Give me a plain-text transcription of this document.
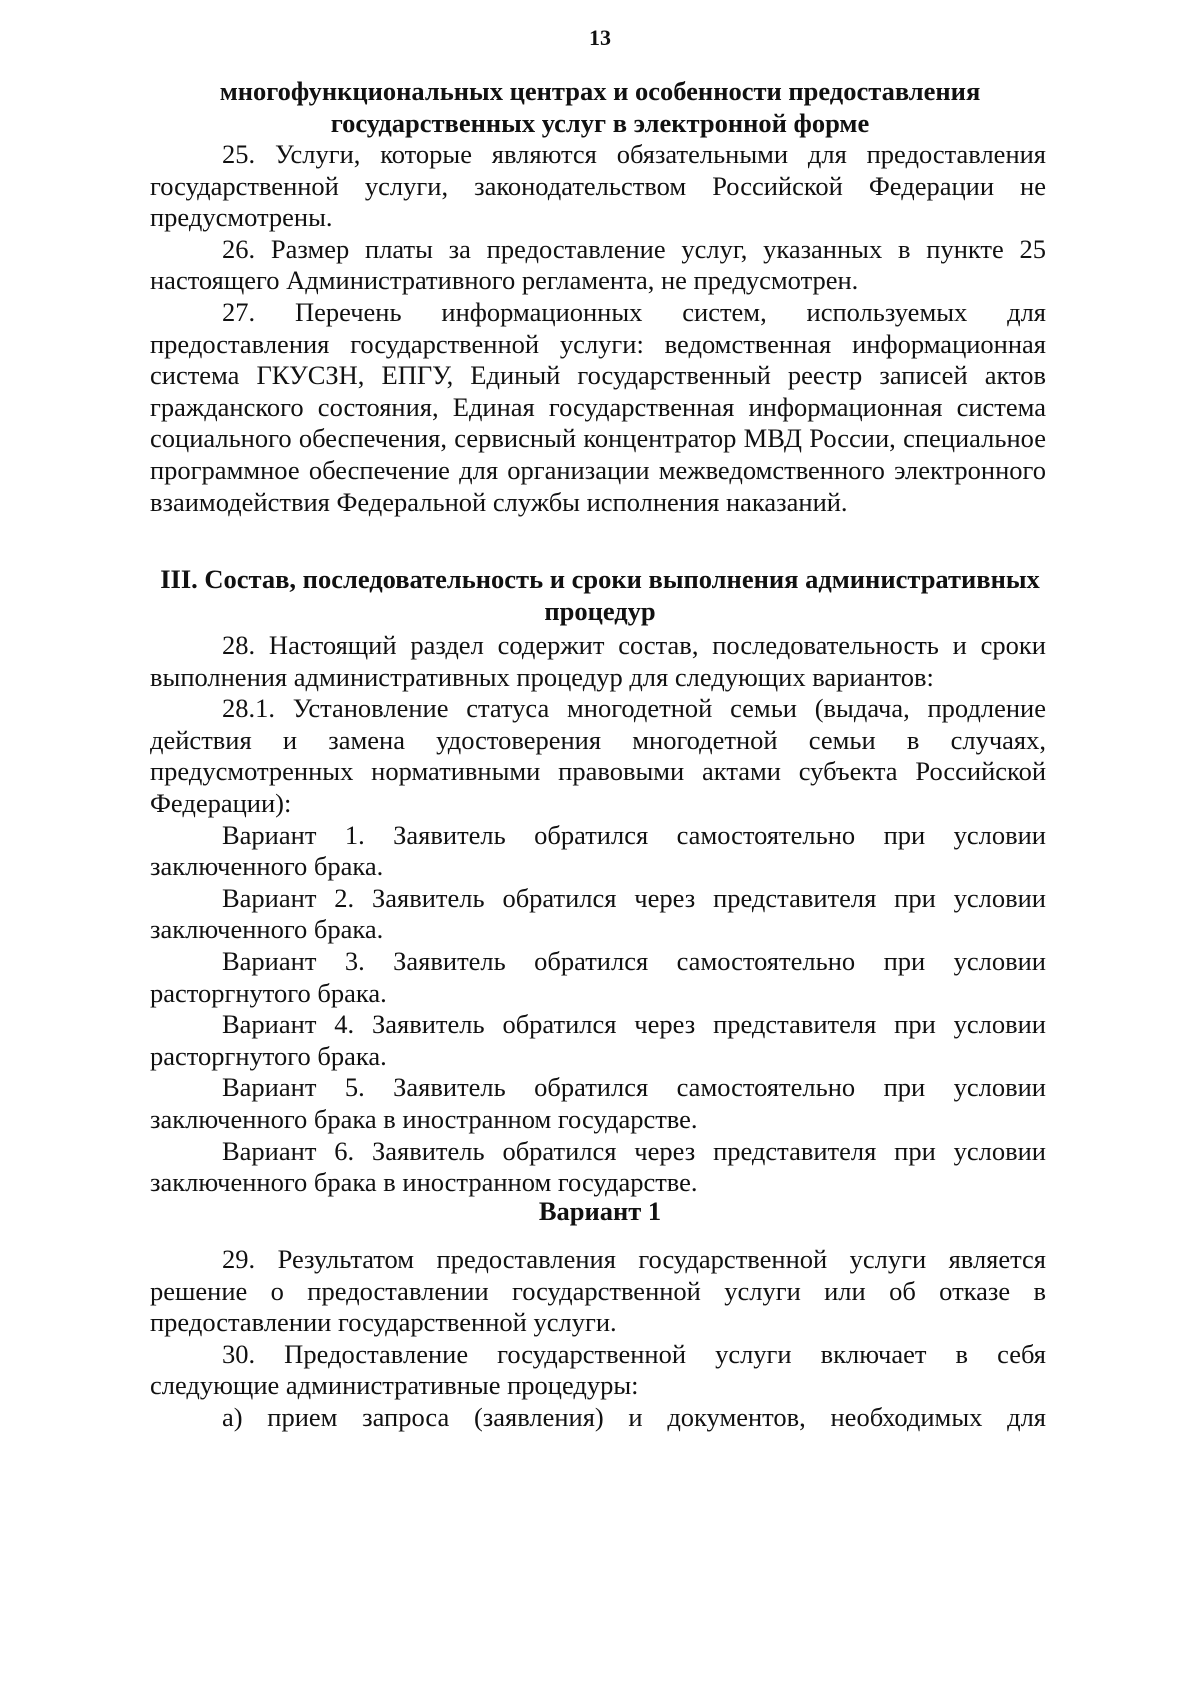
13

многофункциональных центрах и особенности предоставления

государственных услуг в электронной форме

25. Услуги, которые являются обязательными для предоставления государственной услуги, законодательством Российской Федерации не предусмотрены.

26. Размер платы за предоставление услуг, указанных в пункте 25 настоящего Административного регламента, не предусмотрен.

27. Перечень информационных систем, используемых для предоставления государственной услуги: ведомственная информационная система ГКУСЗН, ЕПГУ, Единый государственный реестр записей актов гражданского состояния, Единая государственная информационная система социального обеспечения, сервисный концентратор МВД России, специальное программное обеспечение для организации межведомственного электронного взаимодействия Федеральной службы исполнения наказаний.

III. Состав, последовательность и сроки выполнения административных

процедур

28. Настоящий раздел содержит состав, последовательность и сроки выполнения административных процедур для следующих вариантов:

28.1. Установление статуса многодетной семьи (выдача, продление действия и замена удостоверения многодетной семьи в случаях, предусмотренных нормативными правовыми актами субъекта Российской Федерации):

Вариант 1. Заявитель обратился самостоятельно при условии заключенного брака.

Вариант 2. Заявитель обратился через представителя при условии заключенного брака.

Вариант 3. Заявитель обратился самостоятельно при условии расторгнутого брака.

Вариант 4. Заявитель обратился через представителя при условии расторгнутого брака.

Вариант 5. Заявитель обратился самостоятельно при условии заключенного брака в иностранном государстве.

Вариант 6. Заявитель обратился через представителя при условии заключенного брака в иностранном государстве.

Вариант 1

29. Результатом предоставления государственной услуги является решение о предоставлении государственной услуги или об отказе в предоставлении государственной услуги.

30. Предоставление государственной услуги включает в себя следующие административные процедуры:

а) прием запроса (заявления) и документов, необходимых для
